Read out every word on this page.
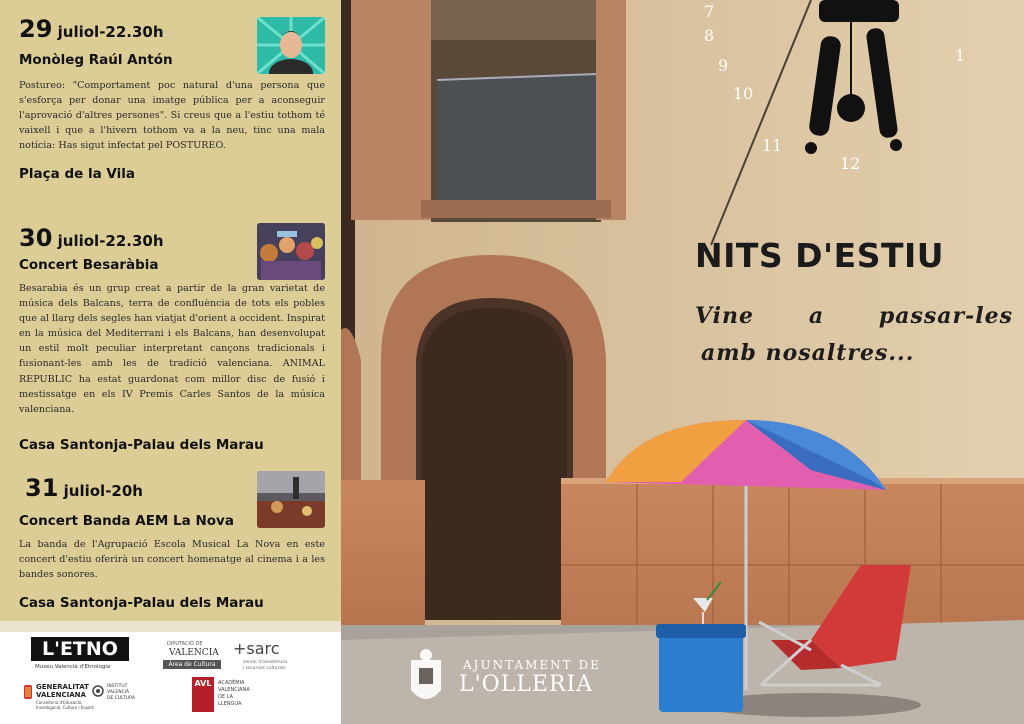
29 juliol-22.30h
Monòleg Raúl Antón
Postureo: "Comportament poc natural d'una persona que s'esforça per donar una imatge pública per a aconseguir l'aprovació d'altres persones". Si creus que a l'estiu tothom té vaixell i que a l'hivern tothom va a la neu, tinc una mala notícia: Has sigut infectat pel POSTUREO.
Plaça de la Vila
30 juliol-22.30h
Concert Besaràbia
Besarabia és un grup creat a partir de la gran varietat de música dels Balcans, terra de confluència de tots els pobles que al llarg dels segles han viatjat d'orient a occident. Inspirat en la música del Mediterrani i els Balcans, han desenvolupat un estil molt peculiar interpretant cançons tradicionals i fusionant-les amb les de tradició valenciana. ANIMAL REPUBLIC ha estat guardonat com millor disc de fusió i mestissatge en els IV Premis Carles Santos de la música valenciana.
Casa Santonja-Palau dels Marau
31 juliol-20h
Concert Banda AEM La Nova
La banda de l'Agrupació Escola Musical La Nova en este concert d'estiu oferirà un concert homenatge al cinema i a les bandes sonores.
Casa Santonja-Palau dels Marau
L'ETNO
Museu Valencià d'Etnologia
DIPUTACIÓ DE
VALENCIA
Àrea de Cultura
+sarc
servei d'assistència
i recursos culturals
GENERALITAT
VALENCIANA
Conselleria d'Educació,
Investigació, Cultura i Esport
INSTITUT
VALENCIÀ
DE CULTURA
AVL	ACADÈMIA
VALENCIANA
DE LA
LLENGUA
7
8
9
10
11
12
1
NITS D'ESTIU
Vine a passar-les
amb nosaltres...
AJUNTAMENT DE
L'OLLERIA
